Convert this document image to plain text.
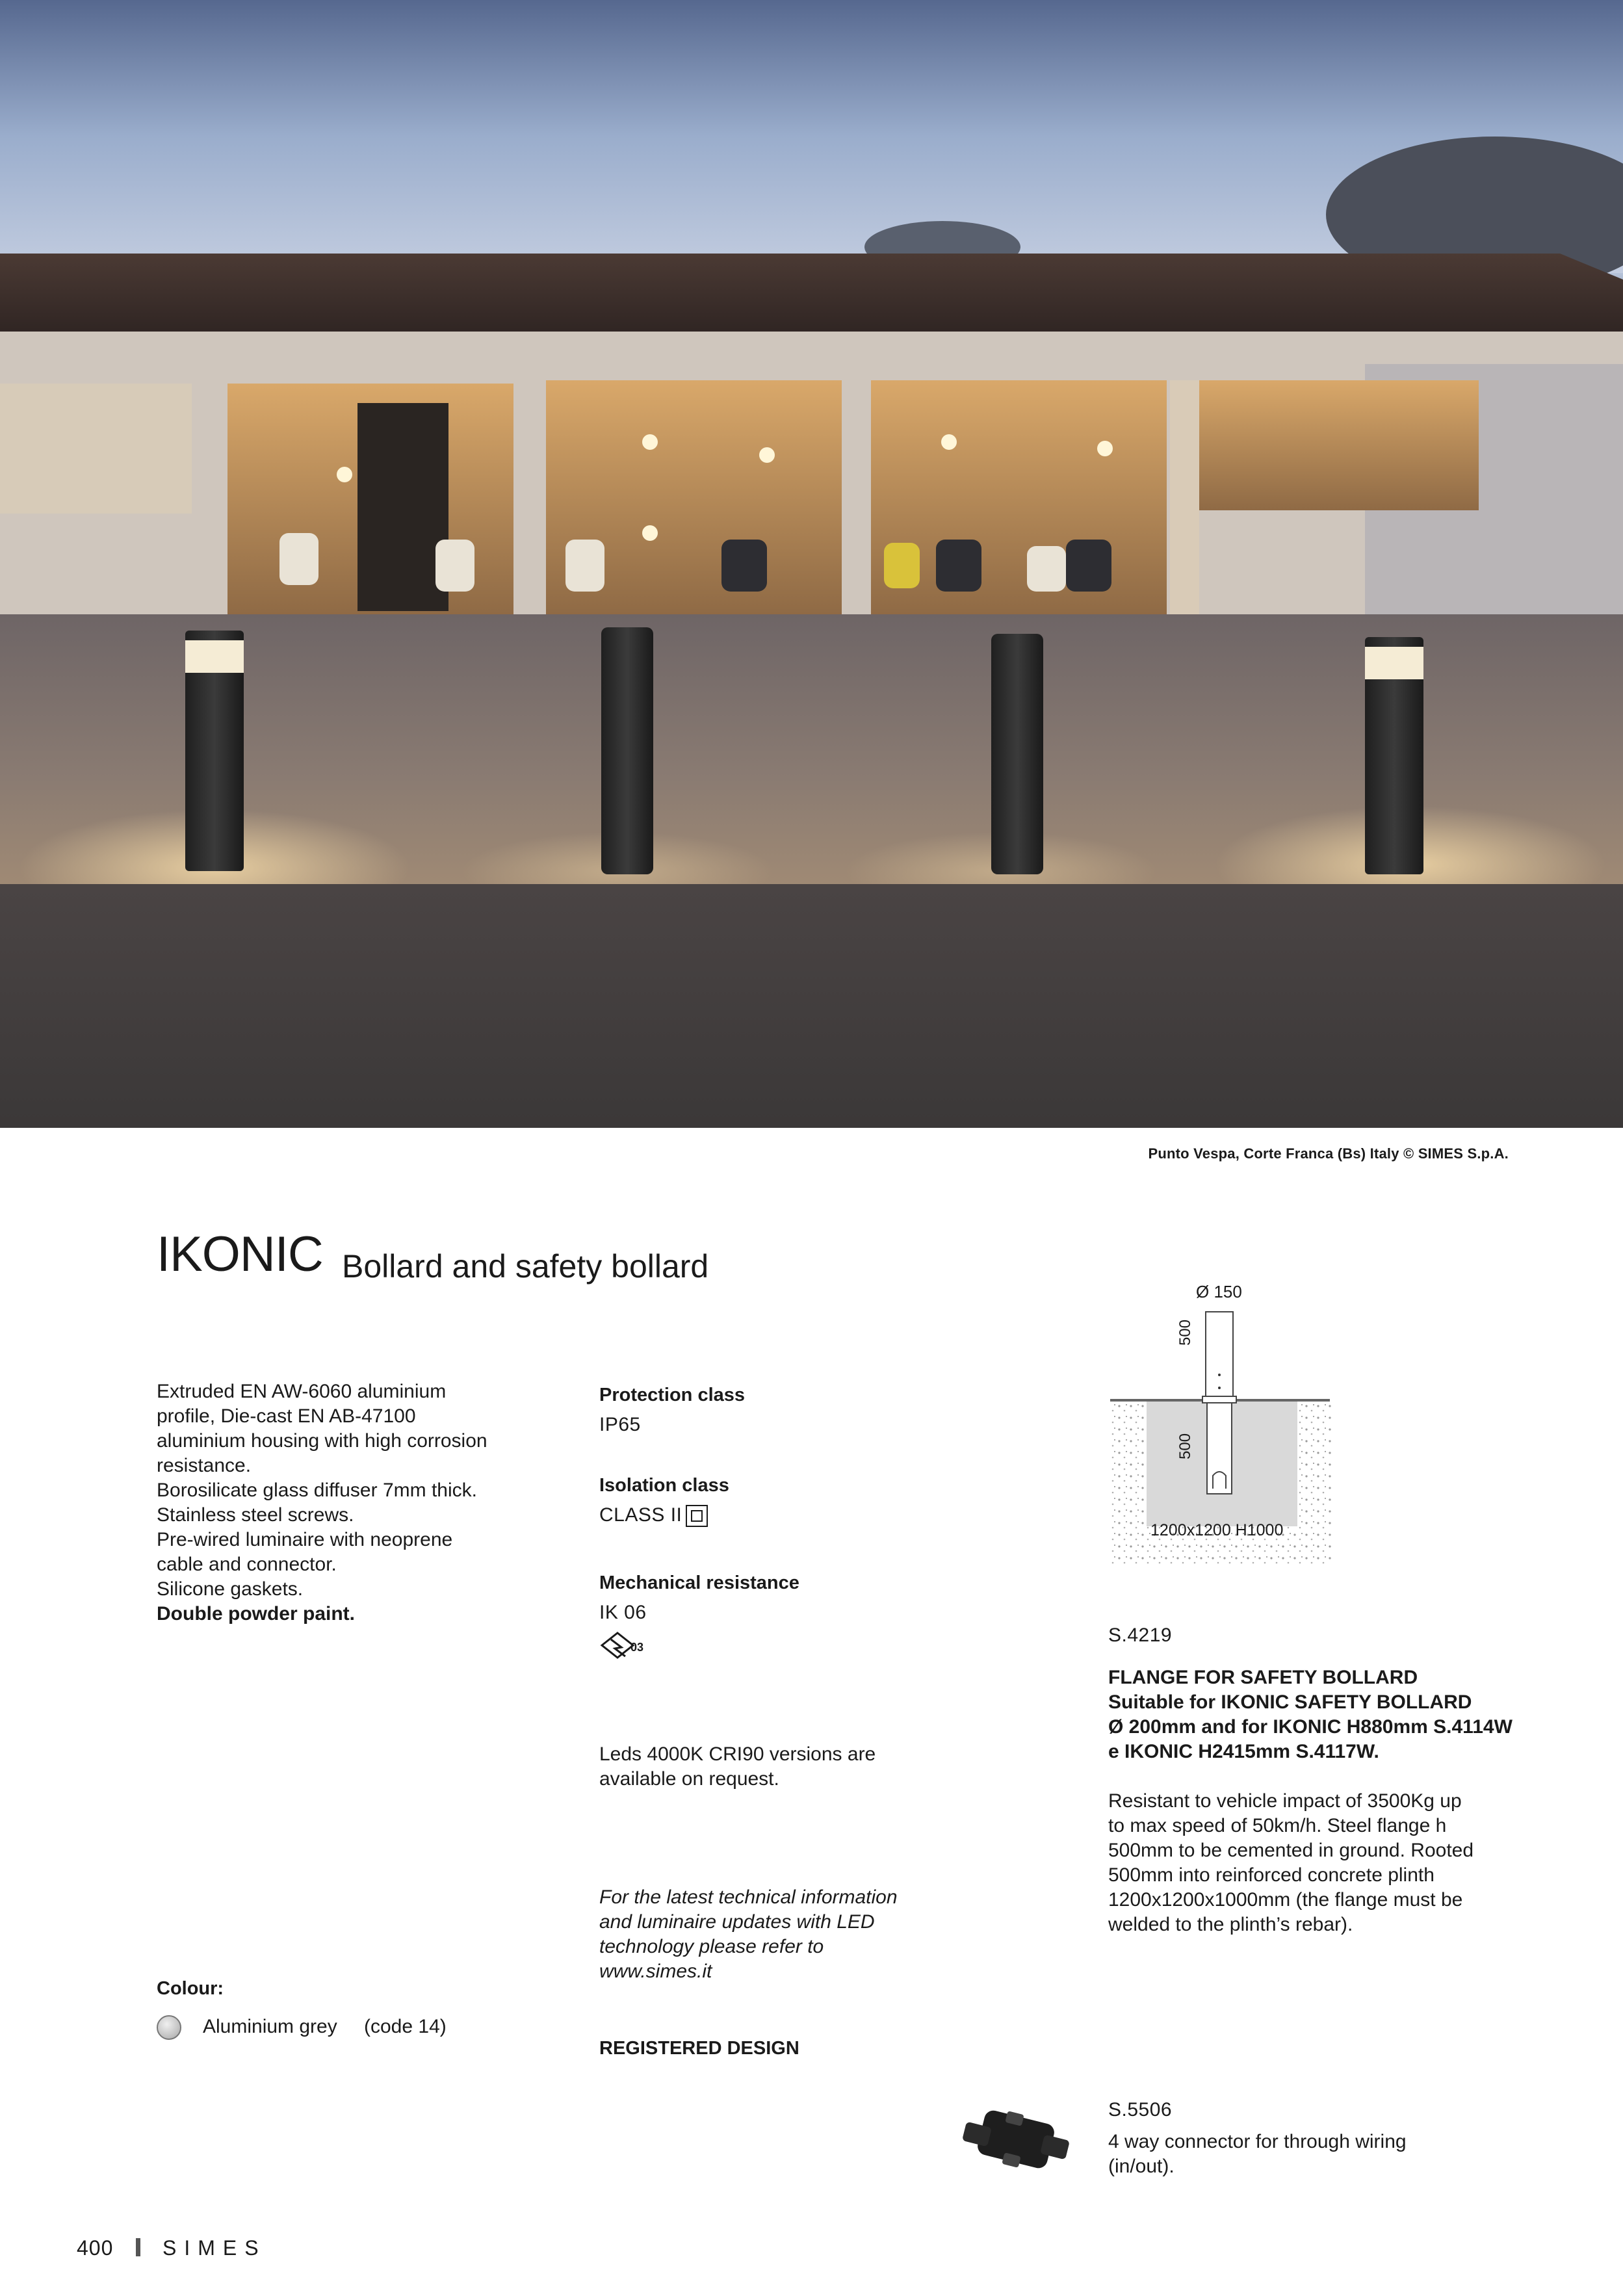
Punto Vespa, Corte Franca (Bs) Italy © SIMES S.p.A.
IKONIC Bollard and safety bollard
Extruded EN AW-6060 aluminium
profile, Die-cast EN AB-47100
aluminium housing with high corrosion
resistance.
Borosilicate glass diffuser 7mm thick.
Stainless steel screws.
Pre-wired luminaire with neoprene
cable and connector.
Silicone gaskets.
Double powder paint.
Colour:
Aluminium grey (code 14)
Protection class
IP65
Isolation class
CLASS II
Mechanical resistance
IK 06
03
Leds 4000K CRI90 versions are
available on request.
For the latest technical information
and luminaire updates with LED
technology please refer to
www.simes.it
REGISTERED DESIGN
Ø 150
500
500
1200x1200 H1000
S.4219
FLANGE FOR SAFETY BOLLARD
Suitable for IKONIC SAFETY BOLLARD
Ø 200mm and for IKONIC H880mm S.4114W
e IKONIC H2415mm S.4117W.
Resistant to vehicle impact of 3500Kg up
to max speed of 50km/h. Steel flange h
500mm to be cemented in ground. Rooted
500mm into reinforced concrete plinth
1200x1200x1000mm (the flange must be
welded to the plinth’s rebar).
S.5506
4 way connector for through wiring
(in/out).
400 SIMES
